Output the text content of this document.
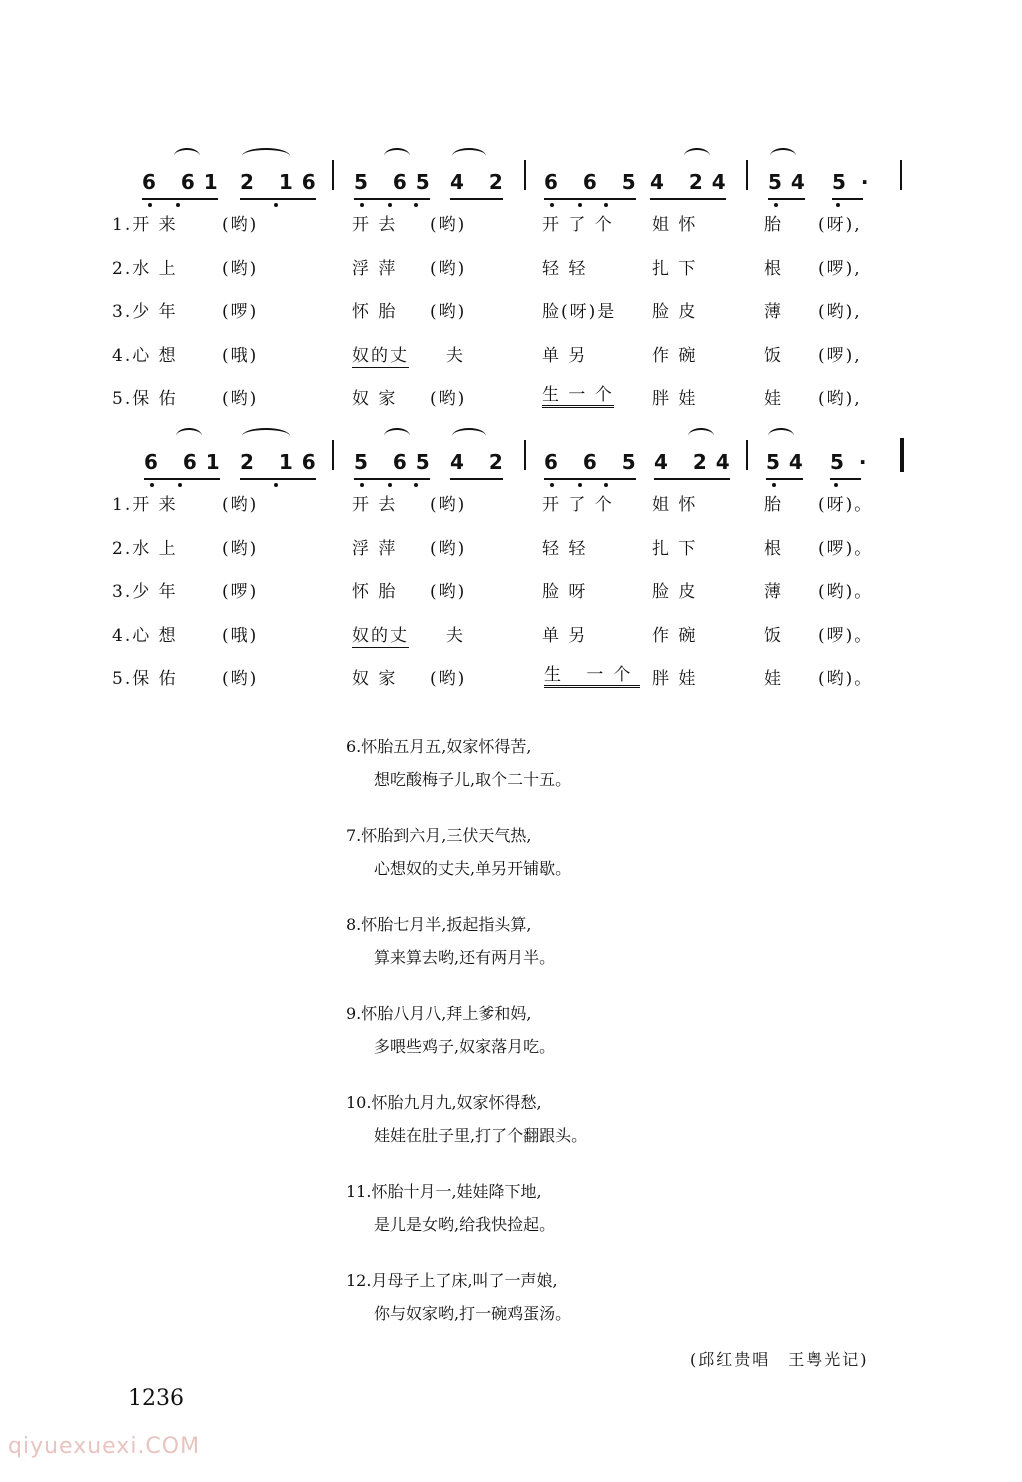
6 61 2 16 5 65 4 2 6 6 5 4 24 54 5 ·
1.开 来	(哟)	开 去 (哟)	开 了 个 姐 怀	胎 (呀),
2.水 上	(哟)	浮 萍 (哟)	轻 轻	扎 下	根 (啰),
3.少 年	(啰)	怀 胎 (哟)	脸(呀)是 脸 皮	薄 (哟),
4.心 想	(哦)	奴的丈 夫	单 另	作 碗	饭 (啰),
5.保 佑	(哟)	奴 家 (哟)	生 一 个 胖 娃	娃 (哟),
6 61 2 16 5 65 4 2 6 6 5 4 24 54 5 ·
1.开 来	(哟)	开 去 (哟)	开 了 个 姐 怀	胎 (呀)。
2.水 上	(哟)	浮 萍 (哟)	轻 轻	扎 下	根 (啰)。
3.少 年	(啰)	怀 胎 (哟)	脸 呀	脸 皮	薄 (哟)。
4.心 想	(哦)	奴的丈 夫	单 另	作 碗	饭 (啰)。
5.保 佑	(哟)	奴 家 (哟)	生 一个 胖 娃	娃 (哟)。
6.怀胎五月五,奴家怀得苦,
想吃酸梅子儿,取个二十五。
7.怀胎到六月,三伏天气热,
心想奴的丈夫,单另开铺歇。
8.怀胎七月半,扳起指头算,
算来算去哟,还有两月半。
9.怀胎八月八,拜上爹和妈,
多喂些鸡子,奴家落月吃。
10.怀胎九月九,奴家怀得愁,
娃娃在肚子里,打了个翻跟头。
11.怀胎十月一,娃娃降下地,
是儿是女哟,给我快捡起。
12.月母子上了床,叫了一声娘,
你与奴家哟,打一碗鸡蛋汤。
(邱红贵唱　王粤光记)
1236
qiyuexuexi.COM
